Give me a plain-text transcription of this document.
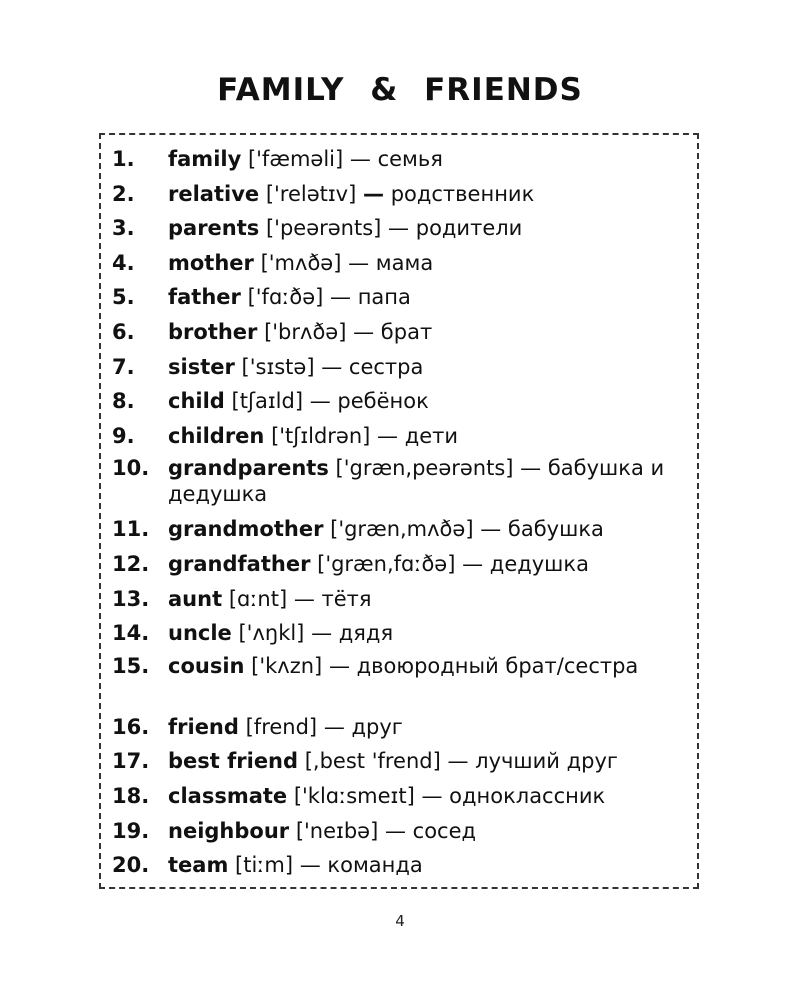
FAMILY & FRIENDS
1.	family ['fæməli] — семья
2.	relative ['relətɪv] — родственник
3.	parents ['peərənts] — родители
4.	mother ['mʌðə] — мама
5.	father ['fɑːðə] — папа
6.	brother ['brʌðə] — брат
7.	sister ['sɪstə] — сестра
8.	child [tʃaɪld] — ребёнок
9.	children ['tʃɪldrən] — дети
10. grandparents ['græn,peərənts] — бабушка и дедушка
11. grandmother ['græn,mʌðə] — бабушка
12. grandfather ['græn,fɑːðə] — дедушка
13. aunt [ɑːnt] — тётя
14. uncle ['ʌŋkl] — дядя
15. cousin ['kʌzn] — двоюродный брат/сестра
16. friend [frend] — друг
17. best friend [,best 'frend] — лучший друг
18. classmate ['klɑːsmeɪt] — одноклассник
19. neighbour ['neɪbə] — сосед
20. team [tiːm] — команда
4
